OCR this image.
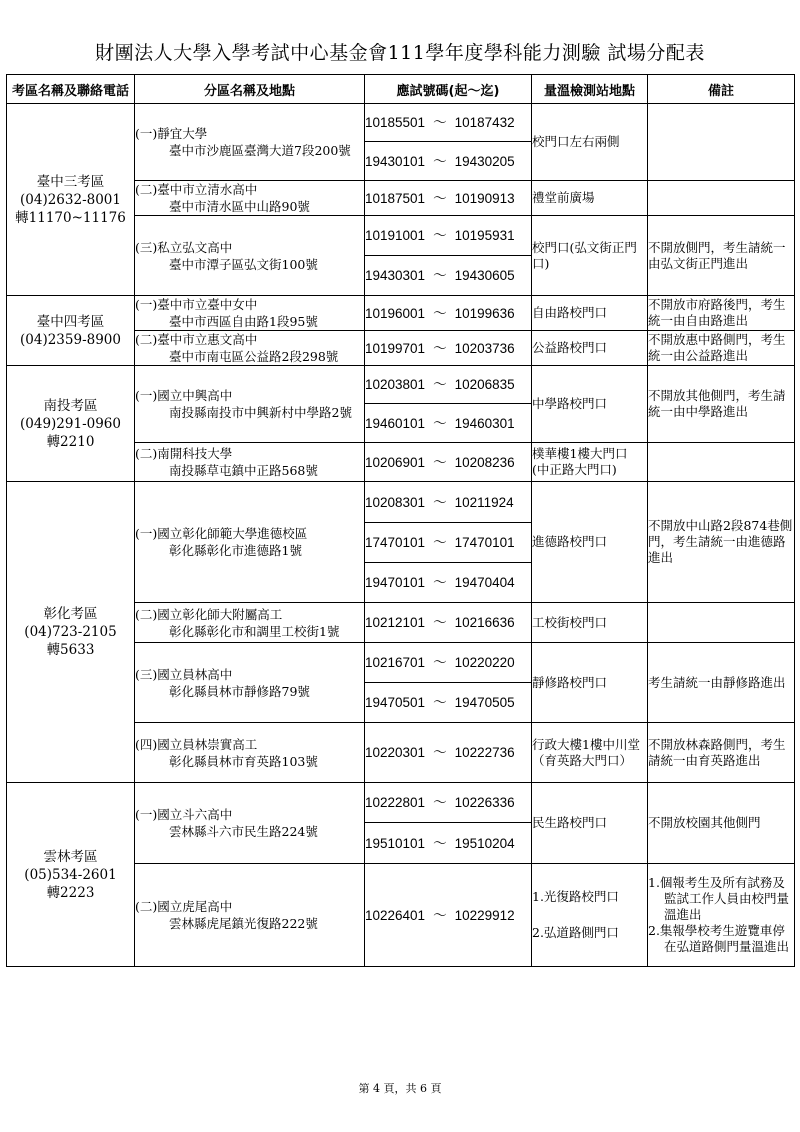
財團法人大學入學考試中心基金會111學年度學科能力測驗 試場分配表
考區名稱及聯絡電話	分區名稱及地點	應試號碼(起～迄)	量溫檢測站地點	備註

臺中三考區
(04)2632-8001
轉11170~11176	(一)靜宜大學
臺中市沙鹿區臺灣大道7段200號	10185501 ～ 10187432	校門口左右兩側	

		19430101 ～ 19430205		

	(二)臺中市立清水高中
臺中市清水區中山路90號	10187501 ～ 10190913	禮堂前廣場	

	(三)私立弘文高中
臺中市潭子區弘文街100號	10191001 ～ 10195931	校門口(弘文街正門口)	不開放側門，考生請統一由弘文街正門進出

		19430301 ～ 19430605		

臺中四考區
(04)2359-8900	(一)臺中市立臺中女中
臺中市西區自由路1段95號	10196001 ～ 10199636	自由路校門口	不開放市府路後門，考生統一由自由路進出

	(二)臺中市立惠文高中
臺中市南屯區公益路2段298號	10199701 ～ 10203736	公益路校門口	不開放惠中路側門，考生統一由公益路進出

南投考區
(049)291-0960
轉2210	(一)國立中興高中
南投縣南投市中興新村中學路2號	10203801 ～ 10206835	中學路校門口	不開放其他側門，考生請統一由中學路進出

		19460101 ～ 19460301		

	(二)南開科技大學
南投縣草屯鎮中正路568號	10206901 ～ 10208236	樸華樓1樓大門口
(中正路大門口)	

彰化考區
(04)723-2105
轉5633	(一)國立彰化師範大學進德校區
彰化縣彰化市進德路1號	10208301 ～ 10211924	進德路校門口	不開放中山路2段874巷側門，考生請統一由進德路進出

		17470101 ～ 17470101		
		19470101 ～ 19470404		

	(二)國立彰化師大附屬高工
彰化縣彰化市和調里工校街1號	10212101 ～ 10216636	工校街校門口	

	(三)國立員林高中
彰化縣員林市靜修路79號	10216701 ～ 10220220	靜修路校門口	考生請統一由靜修路進出

		19470501 ～ 19470505		

	(四)國立員林崇實高工
彰化縣員林市育英路103號	10220301 ～ 10222736	行政大樓1樓中川堂（育英路大門口）	不開放林森路側門，考生請統一由育英路進出

雲林考區
(05)534-2601
轉2223	(一)國立斗六高中
雲林縣斗六市民生路224號	10222801 ～ 10226336	民生路校門口	不開放校園其他側門

		19510101 ～ 19510204		

	(二)國立虎尾高中
雲林縣虎尾鎮光復路222號	10226401 ～ 10229912	1.光復路校門口
2.弘道路側門口	1.個報考生及所有試務及監試工作人員由校門量溫進出
2.集報學校考生遊覽車停在弘道路側門量溫進出
第 4 頁，共 6 頁
